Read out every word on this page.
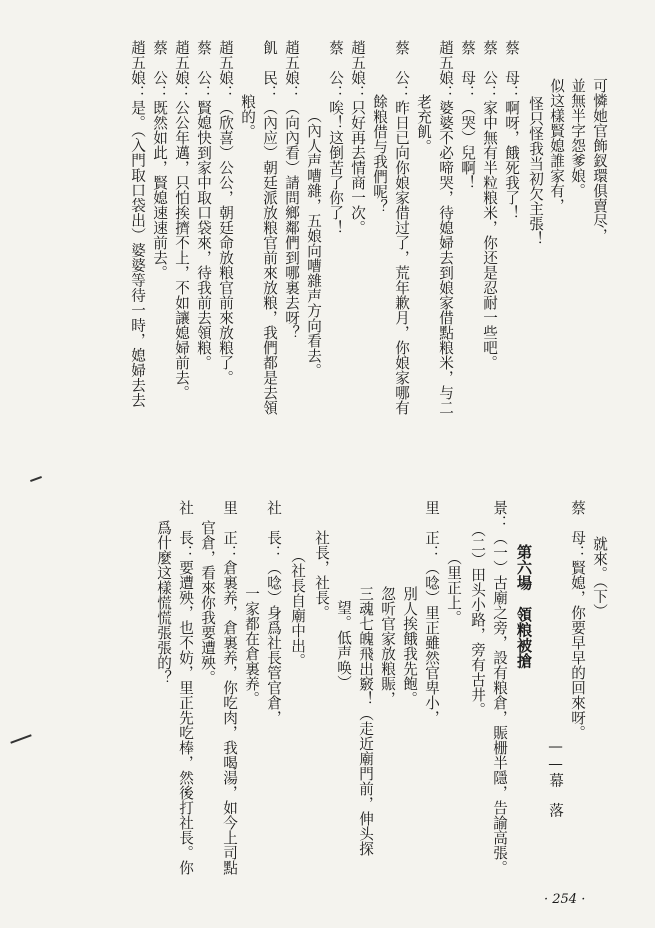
可憐她官飾釵環俱賣尽，
並無半字怨爹娘。
似这樣賢媳誰家有，
怪只怪我当初欠主張！
蔡　母：啊呀，餓死我了！
蔡　公：家中無有半粒粮米，你还是忍耐一些吧。
蔡　母：（哭）兒啊！
趙五娘：婆婆不必啼哭，待媳婦去到娘家借點粮米，与二
老充飢。
蔡　公：昨日已向你娘家借过了，荒年歉月，你娘家哪有
餘粮借与我們呢？
趙五娘：只好再去情商一次。
蔡　公：唉！这倒苦了你了！
（內人声嘈雜，五娘向嘈雜声方向看去。
趙五娘：（向內看）請問鄉鄰們到哪裏去呀？
飢　民：（內应）朝廷派放粮官前來放粮，我們都是去領
粮的。
趙五娘：（欣喜）公公，朝廷命放粮官前來放粮了。
蔡　公：賢媳快到家中取口袋來，待我前去領粮。
趙五娘：公公年邁，只怕挨擠不上，不如讓媳婦前去。
蔡　公：既然如此，賢媳速速前去。
趙五娘：是。（入門取口袋出）婆婆等待一時，媳婦去去
就來。（下）
蔡　母：賢媳，你要早早的回來呀。
——幕　落
第六場　領粮被搶
景：（一）古廟之旁，設有粮倉，賑栅半隱，告諭高張。
（二）田头小路，旁有古井。
（里正上。
里　正：（唸）里正雖然官卑小，
別人挨餓我先飽。
忽听官家放粮賑，
三魂七魄飛出竅！（走近廟門前，伸头探
望。低声唤）
社長，社長。
（社長自廟中出。
社　長：（唸）身爲社長管官倉，
一家都在倉裏养。
里　正：倉裏养，倉裏养，你吃肉，我喝湯，如今上司點
官倉，看來你我要遭殃。
社　長：要遭殃，也不妨，里正先吃棒，然後打社長。你
爲什麼这樣慌慌張張的？
· 254 ·
